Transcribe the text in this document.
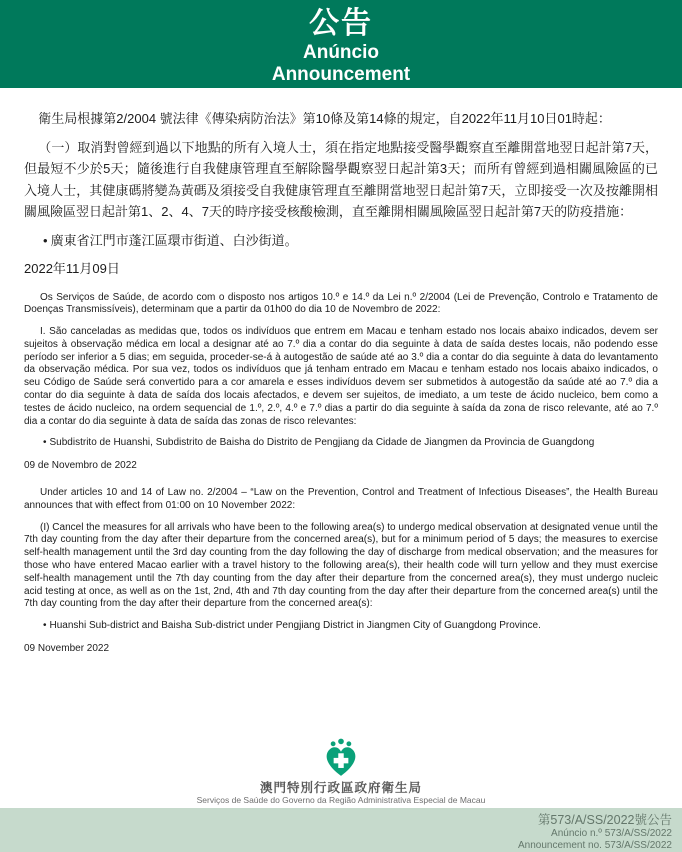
公告
Anúncio
Announcement

衛生局根據第2/2004 號法律《傳染病防治法》第10條及第14條的規定，自2022年11月10日01時起：

（一）取消對曾經到過以下地點的所有入境人士，須在指定地點接受醫學觀察直至離開當地翌日起計第7天，但最短不少於5天；隨後進行自我健康管理直至解除醫學觀察翌日起計第3天；而所有曾經到過相關風險區的已入境人士，其健康碼將變為黃碼及須接受自我健康管理直至離開當地翌日起計第7天，立即接受一次及按離開相關風險區翌日起計第1、2、4、7天的時序接受核酸檢測，直至離開相關風險區翌日起計第7天的防疫措施：

• 廣東省江門市蓬江區環市街道、白沙街道。

2022年11月09日

Os Serviços de Saúde, de acordo com o disposto nos artigos 10.º e 14.º da Lei n.º 2/2004 (Lei de Prevenção, Controlo e Tratamento de Doenças Transmissíveis), determinam que a partir da 01h00 do dia 10 de Novembro de 2022:

I. São canceladas as medidas que, todos os indivíduos que entrem em Macau e tenham estado nos locais abaixo indicados, devem ser sujeitos à observação médica em local a designar até ao 7.º dia a contar do dia seguinte à data de saída destes locais, não podendo esse período ser inferior a 5 dias; em seguida, proceder-se-á à autogestão de saúde até ao 3.º dia a contar do dia seguinte à data do levantamento da observação médica. Por sua vez, todos os indivíduos que já tenham entrado em Macau e tenham estado nos locais abaixo indicados, o seu Código de Saúde será convertido para a cor amarela e esses indivíduos devem ser submetidos à autogestão da saúde até ao 7.º dia a contar do dia seguinte à data de saída dos locais afectados, e devem ser sujeitos, de imediato, a um teste de ácido nucleico, bem como a testes de ácido nucleico, na ordem sequencial de 1.º, 2.º, 4.º e 7.º dias a partir do dia seguinte à saída da zona de risco relevante, até ao 7.º dia a contar do dia seguinte à data de saída das zonas de risco relevantes:

• Subdistrito de Huanshi, Subdistrito de Baisha do Distrito de Pengjiang da Cidade de Jiangmen da Provincia de Guangdong

09 de Novembro de 2022

Under articles 10 and 14 of Law no. 2/2004 – “Law on the Prevention, Control and Treatment of Infectious Diseases”, the Health Bureau announces that with effect from 01:00 on 10 November 2022:

(I) Cancel the measures for all arrivals who have been to the following area(s) to undergo medical observation at designated venue until the 7th day counting from the day after their departure from the concerned area(s), but for a minimum period of 5 days; the measures to exercise self-health management until the 3rd day counting from the day following the day of discharge from medical observation; and the measures for those who have entered Macao earlier with a travel history to the following area(s), their health code will turn yellow and they must exercise self-health management until the 7th day counting from the day after their departure from the concerned area(s), they must undergo nucleic acid testing at once, as well as on the 1st, 2nd, 4th and 7th day counting from the day after their departure from the concerned area(s) until the 7th day counting from the day after their departure from the concerned area(s):

• Huanshi Sub-district and Baisha Sub-district under Pengjiang District in Jiangmen City of Guangdong Province.

09 November 2022

澳門特別行政區政府衛生局
Serviços de Saúde do Governo da Região Administrativa Especial de Macau
第573/A/SS/2022號公告
Anúncio n.º 573/A/SS/2022
Announcement no. 573/A/SS/2022
